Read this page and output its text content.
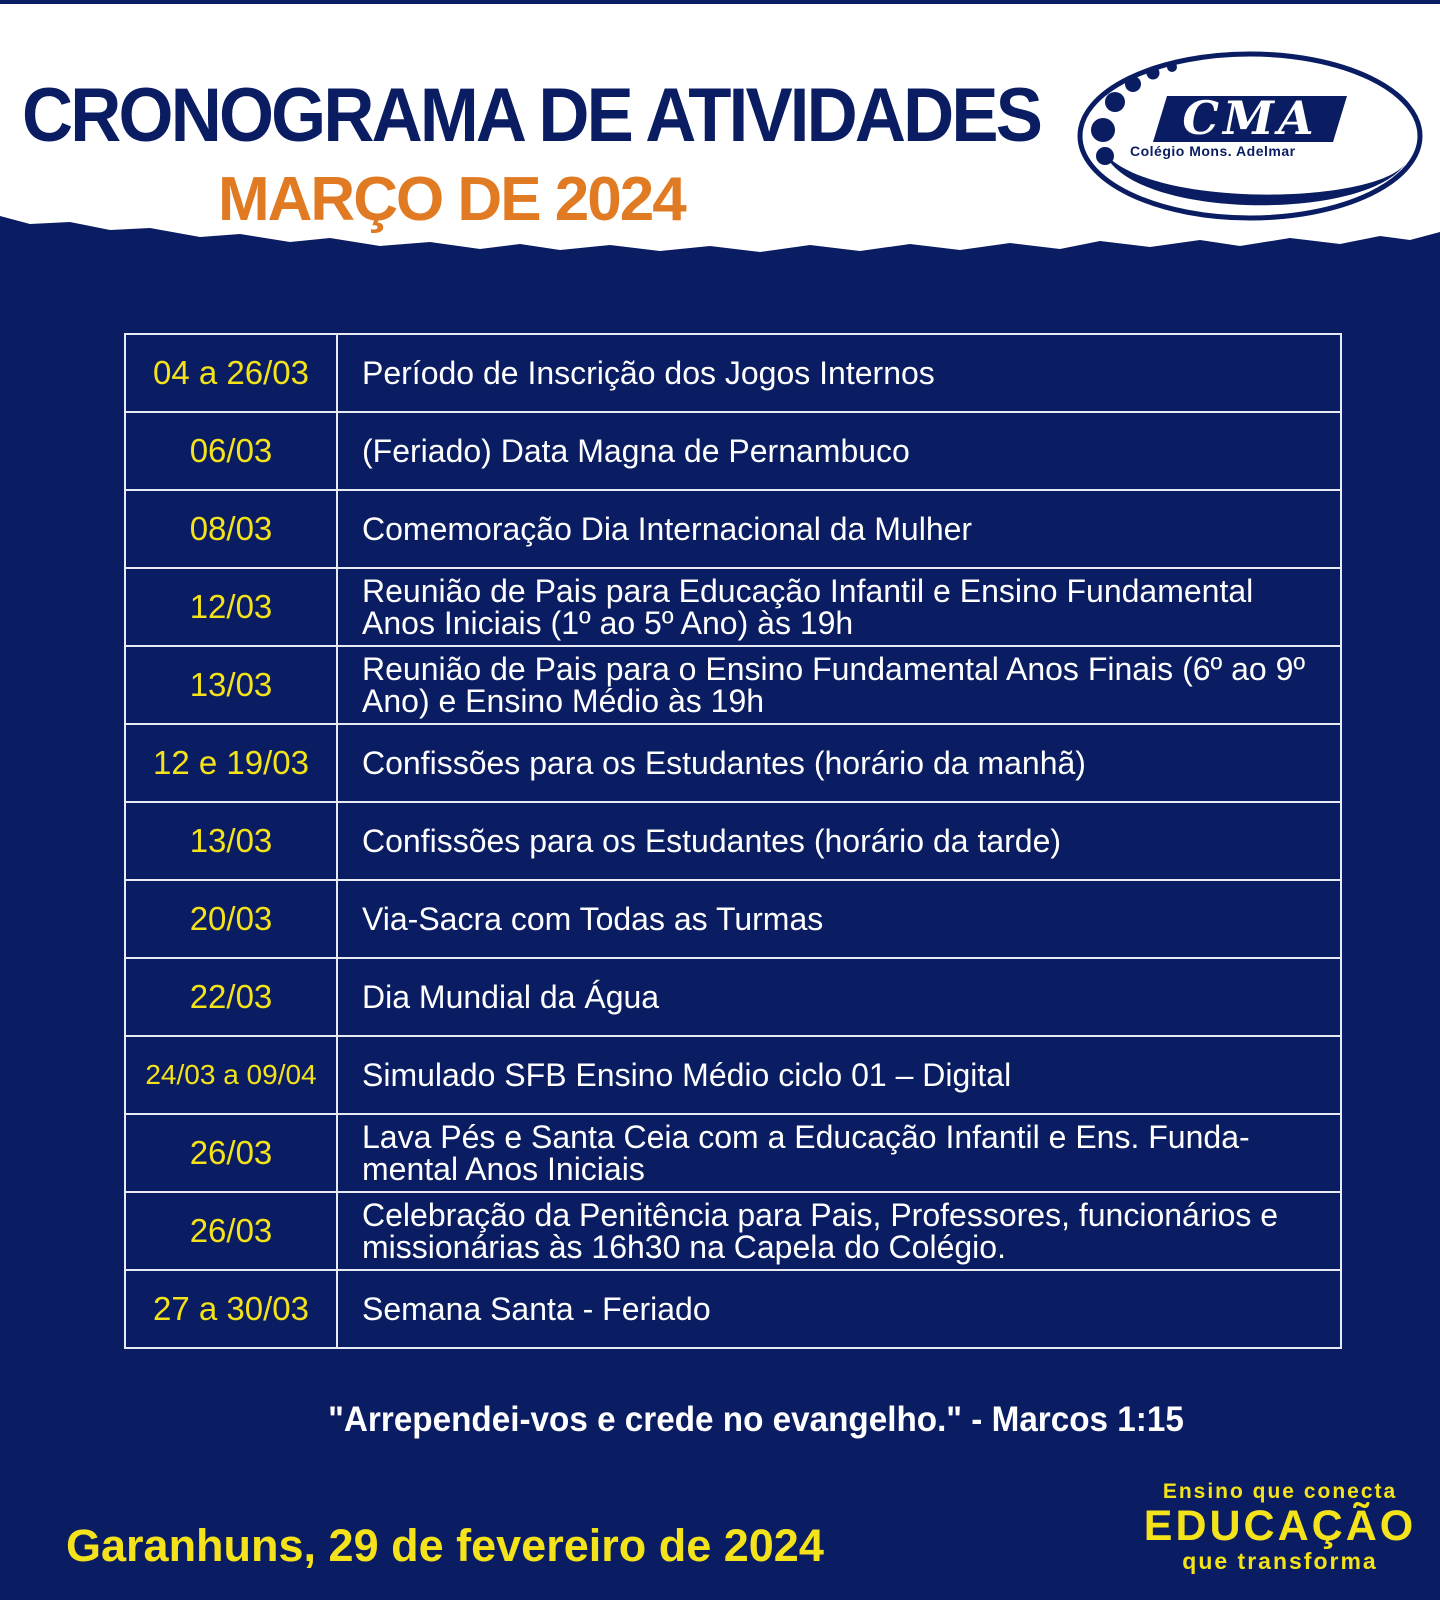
CRONOGRAMA DE ATIVIDADES
MARÇO DE 2024
CMA
Colégio Mons. Adelmar
04 a 26/03	Período de Inscrição dos Jogos Internos
06/03	(Feriado) Data Magna de Pernambuco
08/03	Comemoração Dia Internacional da Mulher
12/03	Reunião de Pais para Educação Infantil e Ensino Fundamental Anos Iniciais (1º ao 5º Ano) às 19h
13/03	Reunião de Pais para o Ensino Fundamental Anos Finais (6º ao 9º Ano) e Ensino Médio às 19h
12 e 19/03	Confissões para os Estudantes (horário da manhã)
13/03	Confissões para os Estudantes (horário da tarde)
20/03	Via-Sacra com Todas as Turmas
22/03	Dia Mundial da Água
24/03 a 09/04	Simulado SFB Ensino Médio ciclo 01 – Digital
26/03	Lava Pés e Santa Ceia com a Educação Infantil e Ens. Funda-mental Anos Iniciais
26/03	Celebração da Penitência para Pais, Professores, funcionários e missionárias às 16h30 na Capela do Colégio.
27 a 30/03	Semana Santa - Feriado
"Arrependei-vos e crede no evangelho." - Marcos 1:15
Garanhuns, 29 de fevereiro de 2024
Ensino que conecta
EDUCAÇÃO
que transforma
